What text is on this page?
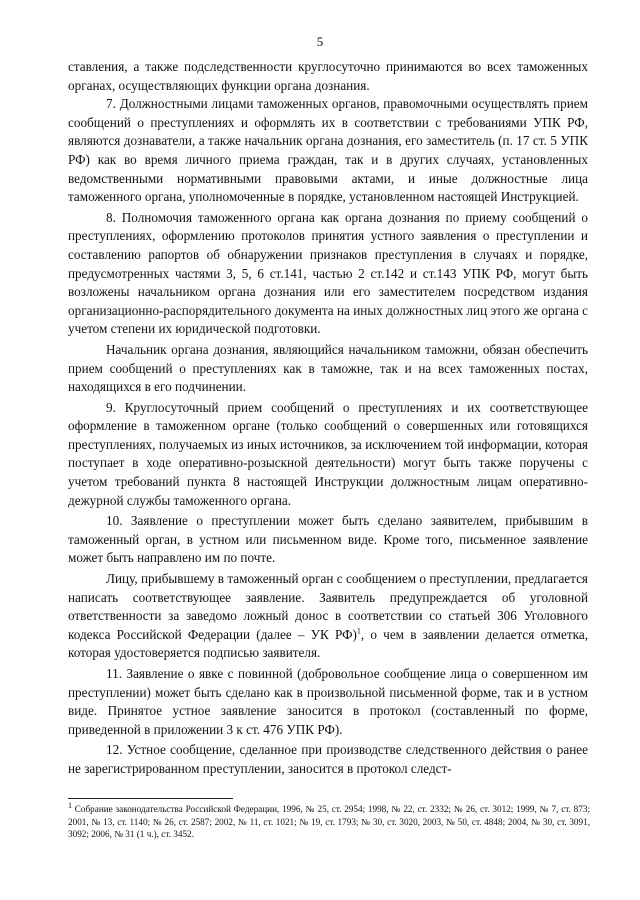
5

ставления, а также подследственности круглосуточно принимаются во всех таможенных органах, осуществляющих функции органа дознания.

7. Должностными лицами таможенных органов, правомочными осуществлять прием сообщений о преступлениях и оформлять их в соответствии с требованиями УПК РФ, являются дознаватели, а также начальник органа дознания, его заместитель (п. 17 ст. 5 УПК РФ) как во время личного приема граждан, так и в других случаях, установленных ведомственными нормативными правовыми актами, и иные должностные лица таможенного органа, уполномоченные в порядке, установленном настоящей Инструкцией.

8. Полномочия таможенного органа как органа дознания по приему сообщений о преступлениях, оформлению протоколов принятия устного заявления о преступлении и составлению рапортов об обнаружении признаков преступления в случаях и порядке, предусмотренных частями 3, 5, 6 ст.141, частью 2 ст.142 и ст.143 УПК РФ, могут быть возложены начальником органа дознания или его заместителем посредством издания организационно-распорядительного документа на иных должностных лиц этого же органа с учетом степени их юридической подготовки.

Начальник органа дознания, являющийся начальником таможни, обязан обеспечить прием сообщений о преступлениях как в таможне, так и на всех таможенных постах, находящихся в его подчинении.

9. Круглосуточный прием сообщений о преступлениях и их соответствующее оформление в таможенном органе (только сообщений о совершенных или готовящихся преступлениях, получаемых из иных источников, за исключением той информации, которая поступает в ходе оперативно-розыскной деятельности) могут быть также поручены с учетом требований пункта 8 настоящей Инструкции должностным лицам оперативно-дежурной службы таможенного органа.

10. Заявление о преступлении может быть сделано заявителем, прибывшим в таможенный орган, в устном или письменном виде. Кроме того, письменное заявление может быть направлено им по почте.

Лицу, прибывшему в таможенный орган с сообщением о преступлении, предлагается написать соответствующее заявление. Заявитель предупреждается об уголовной ответственности за заведомо ложный донос в соответствии со статьей 306 Уголовного кодекса Российской Федерации (далее – УК РФ)$^1$, о чем в заявлении делается отметка, которая удостоверяется подписью заявителя.

11. Заявление о явке с повинной (добровольное сообщение лица о совершенном им преступлении) может быть сделано как в произвольной письменной форме, так и в устном виде. Принятое устное заявление заносится в протокол (составленный по форме, приведенной в приложении 3 к ст. 476 УПК РФ).

12. Устное сообщение, сделанное при производстве следственного действия о ранее не зарегистрированном преступлении, заносится в протокол следст-

$^1$ Собрание законодательства Российской Федерации, 1996, № 25, ст. 2954; 1998, № 22, ст. 2332; № 26, ст. 3012; 1999, № 7, ст. 873; 2001, № 13, ст. 1140; № 26, ст. 2587; 2002, № 11, ст. 1021; № 19, ст. 1793; № 30, ст. 3020, 2003, № 50, ст. 4848; 2004, № 30, ст. 3091, 3092; 2006, № 31 (1 ч.), ст. 3452.
